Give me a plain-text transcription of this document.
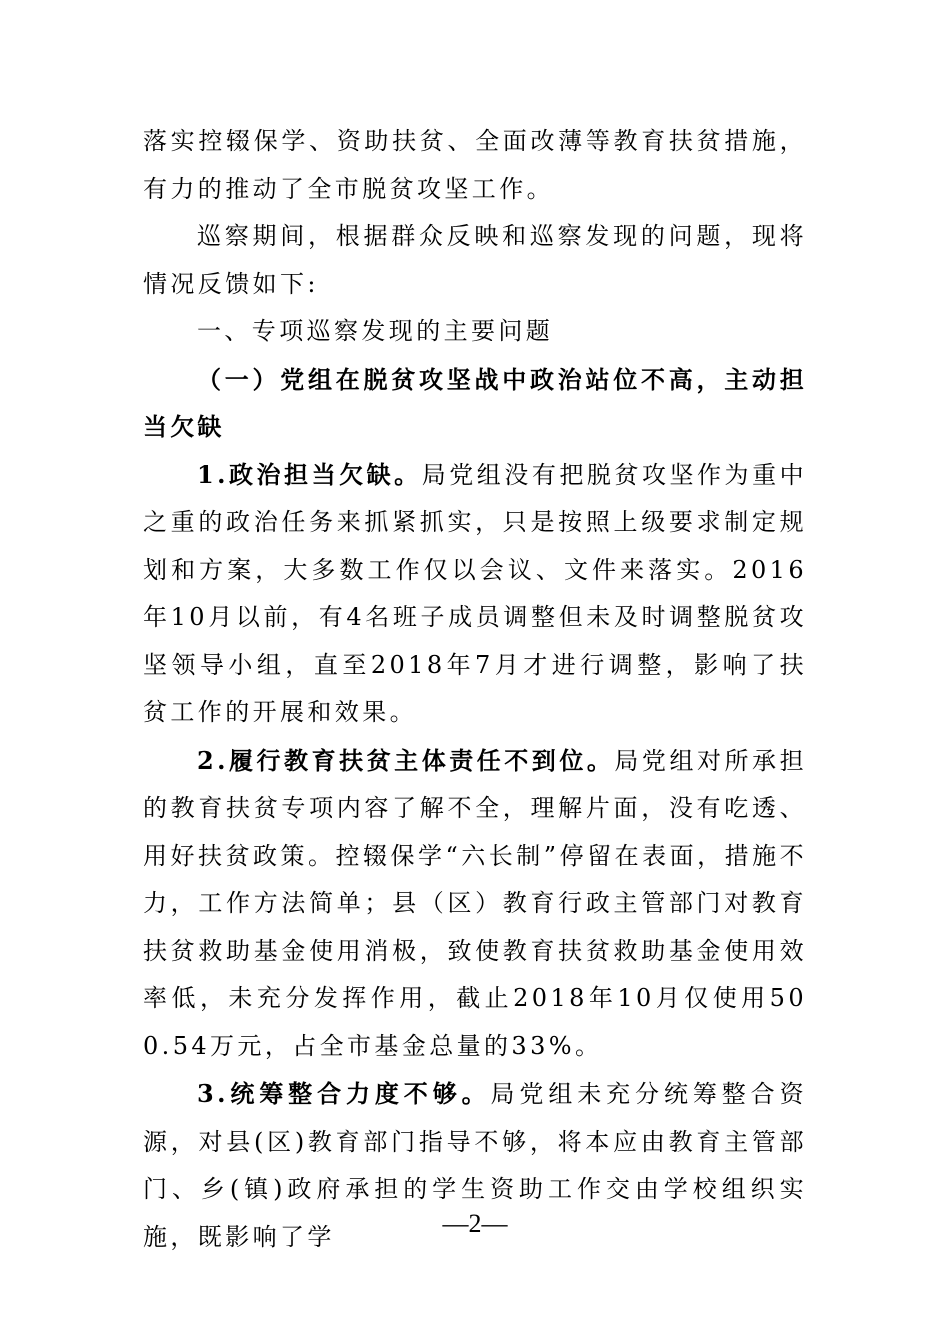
落实控辍保学、资助扶贫、全面改薄等教育扶贫措施，有力的推动了全市脱贫攻坚工作。

巡察期间，根据群众反映和巡察发现的问题，现将情况反馈如下:

一、专项巡察发现的主要问题

（一）党组在脱贫攻坚战中政治站位不高，主动担当欠缺

1.政治担当欠缺。局党组没有把脱贫攻坚作为重中之重的政治任务来抓紧抓实，只是按照上级要求制定规划和方案，大多数工作仅以会议、文件来落实。2016年10月以前，有4名班子成员调整但未及时调整脱贫攻坚领导小组，直至2018年7月才进行调整，影响了扶贫工作的开展和效果。

2.履行教育扶贫主体责任不到位。局党组对所承担的教育扶贫专项内容了解不全，理解片面，没有吃透、用好扶贫政策。控辍保学“六长制”停留在表面，措施不力，工作方法简单；县（区）教育行政主管部门对教育扶贫救助基金使用消极，致使教育扶贫救助基金使用效率低，未充分发挥作用，截止2018年10月仅使用500.54万元，占全市基金总量的33%。

3.统筹整合力度不够。局党组未充分统筹整合资源，对县(区)教育部门指导不够，将本应由教育主管部门、乡(镇)政府承担的学生资助工作交由学校组织实施，既影响了学	—2—
